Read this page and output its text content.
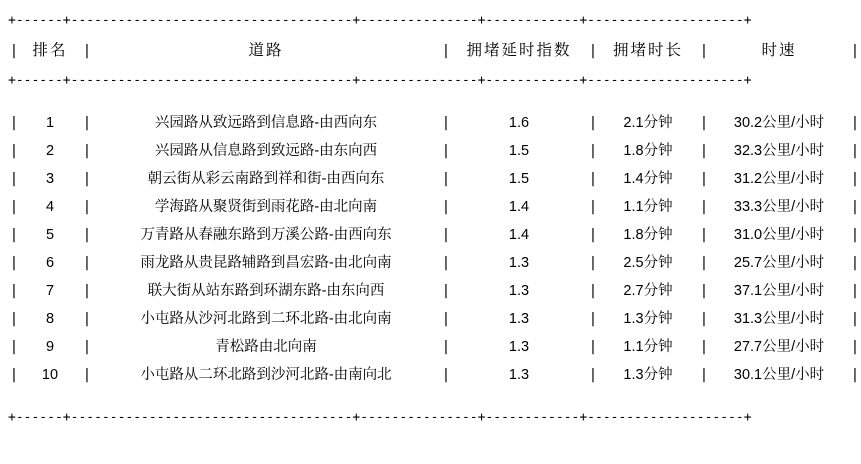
+------+------------------------------------+---------------+------------+--------------------+										

|	排名	|	道路	|	拥堵延时指数	|	拥堵时长	|	时速	|

+------+------------------------------------+---------------+------------+--------------------+										

|	1	|	兴园路从致远路到信息路-由西向东	|	1.6	|	2.1分钟	|	30.2公里/小时	|
|	2	|	兴园路从信息路到致远路-由东向西	|	1.5	|	1.8分钟	|	32.3公里/小时	|
|	3	|	朝云街从彩云南路到祥和街-由西向东	|	1.5	|	1.4分钟	|	31.2公里/小时	|
|	4	|	学海路从聚贤街到雨花路-由北向南	|	1.4	|	1.1分钟	|	33.3公里/小时	|
|	5	|	万青路从春融东路到万溪公路-由西向东	|	1.4	|	1.8分钟	|	31.0公里/小时	|
|	6	|	雨龙路从贵昆路辅路到昌宏路-由北向南	|	1.3	|	2.5分钟	|	25.7公里/小时	|
|	7	|	联大街从站东路到环湖东路-由东向西	|	1.3	|	2.7分钟	|	37.1公里/小时	|
|	8	|	小屯路从沙河北路到二环北路-由北向南	|	1.3	|	1.3分钟	|	31.3公里/小时	|
|	9	|	青松路由北向南	|	1.3	|	1.1分钟	|	27.7公里/小时	|
|	10	|	小屯路从二环北路到沙河北路-由南向北	|	1.3	|	1.3分钟	|	30.1公里/小时	|

+------+------------------------------------+---------------+------------+--------------------+										
